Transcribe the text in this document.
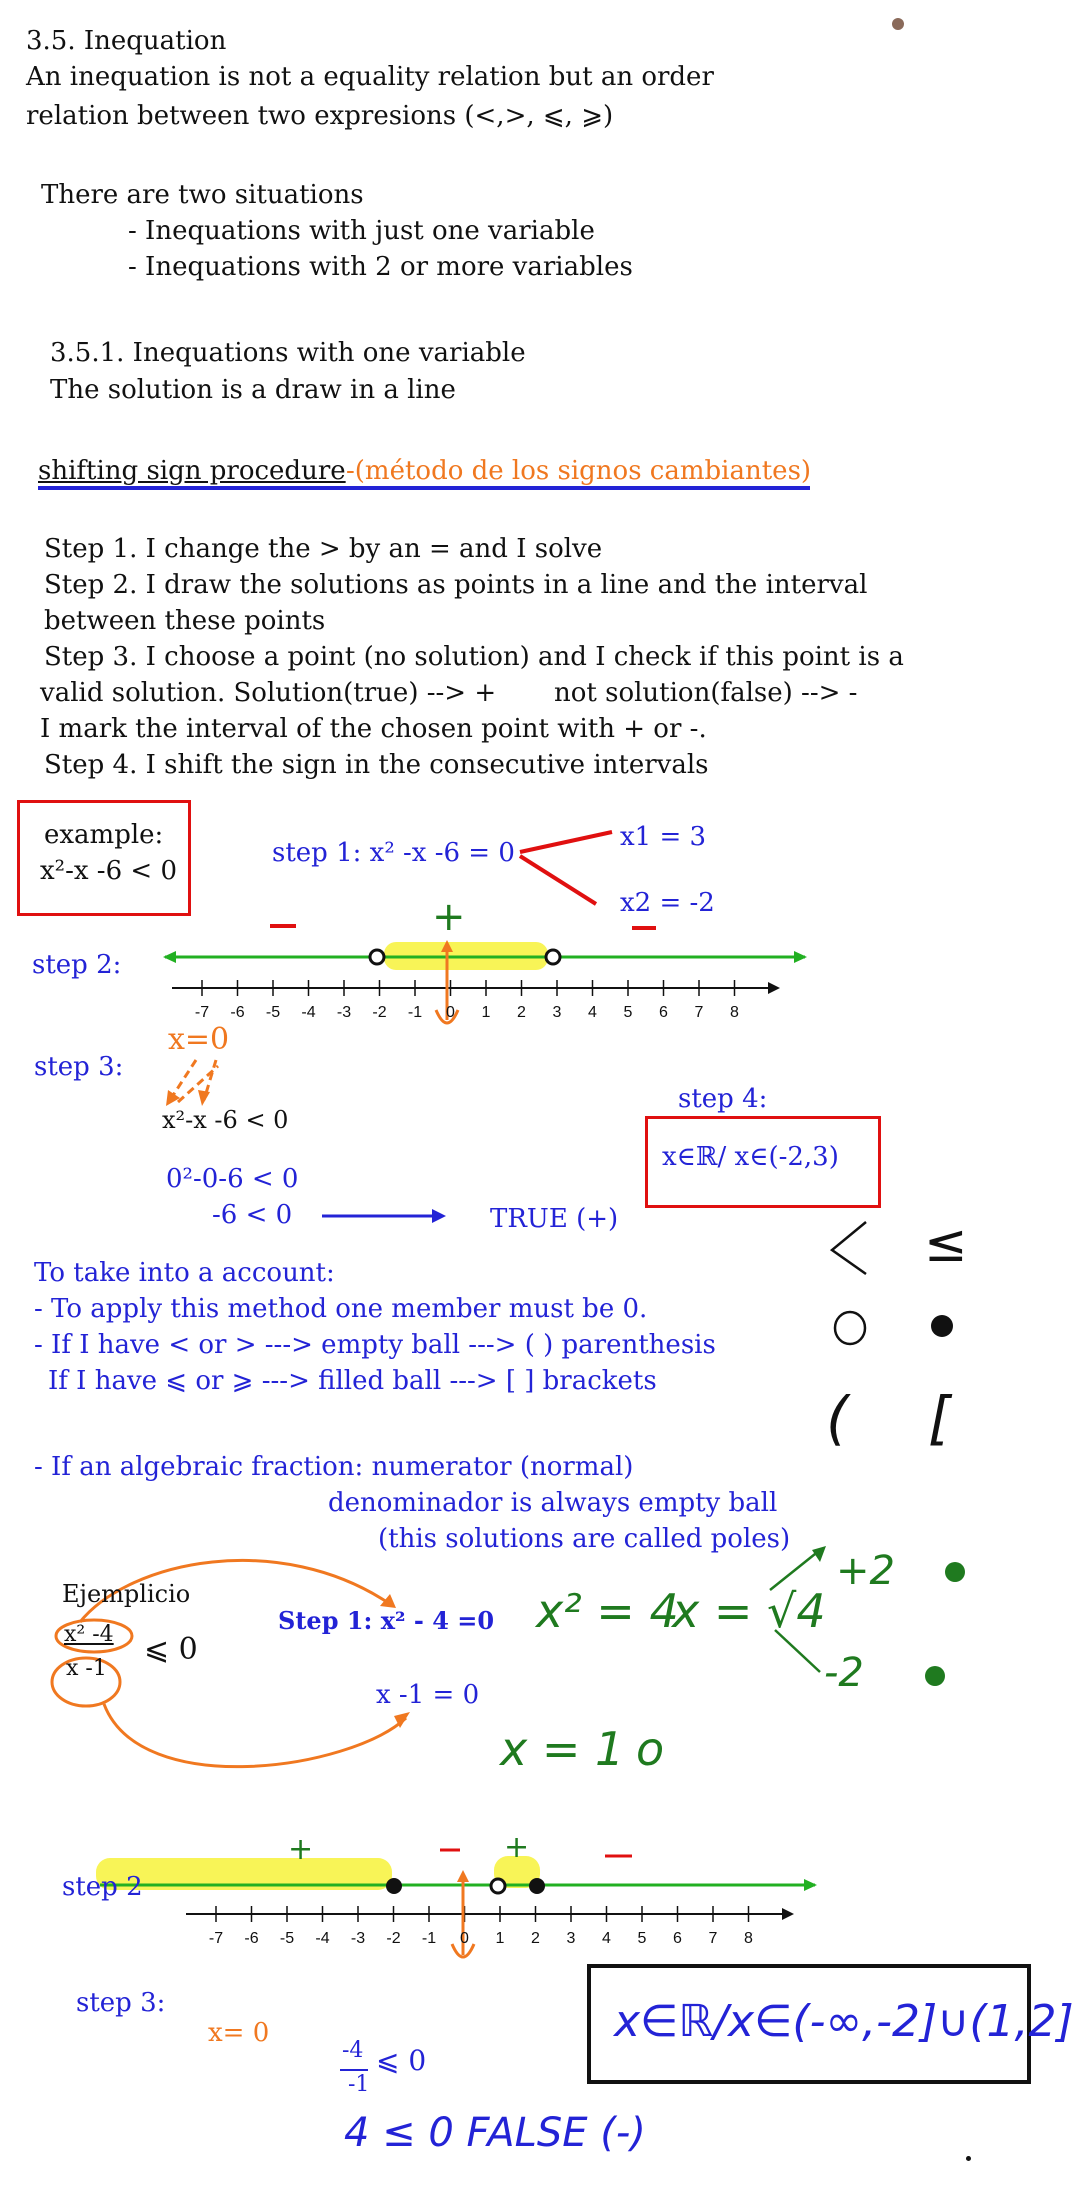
3.5. Inequation
An inequation is not a equality relation but an order
relation between two expresions (<,>, ⩽, ⩾)
There are two situations
- Inequations with just one variable
- Inequations with 2 or more variables
3.5.1. Inequations with one variable
The solution is a draw in a line
shifting sign procedure -(método de los signos cambiantes)
Step 1. I change the > by an = and I solve
Step 2. I draw the solutions as points in a line and the interval
between these points
Step 3. I choose a point (no solution) and I check if this point is a
valid solution. Solution(true) --> + not solution(false) --> -
I mark the interval of the chosen point with + or -.
Step 4. I shift the sign in the consecutive intervals
example:
x²-x -6 < 0
step 1: x² -x -6 = 0
x1 = 3
x2 = -2
step 2:
+
step 3:
x=0
x²-x -6 < 0
0²-0-6 < 0
-6 < 0	TRUE (+)
step 4:
x∈ℝ/ x∈(-2,3)
-7	-6	-5	-4	-3	-2	-1	0	1	2	3	4	5	6	7	8
To take into a account:
- To apply this method one member must be 0.
- If I have < or > ---> empty ball ---> ( ) parenthesis
If I have ⩽ or ⩾ ---> filled ball ---> [ ] brackets
- If an algebraic fraction: numerator (normal)
denominador is always empty ball
(this solutions are called poles)
≤
( [
Ejemplicio
x² -4
x -1
⩽ 0
Step 1: x² - 4 =0
x -1 = 0
x² = 4
x = √4
+2
-2
x = 1 o
step 2
+	+
-7	-6	-5	-4	-3	-2	-1	0	1	2	3	4	5	6	7	8
step 3:
x= 0
-4
-1
⩽ 0
4 ≤ 0 FALSE (-)
x∈ℝ/x∈(-∞,-2]∪(1,2]
